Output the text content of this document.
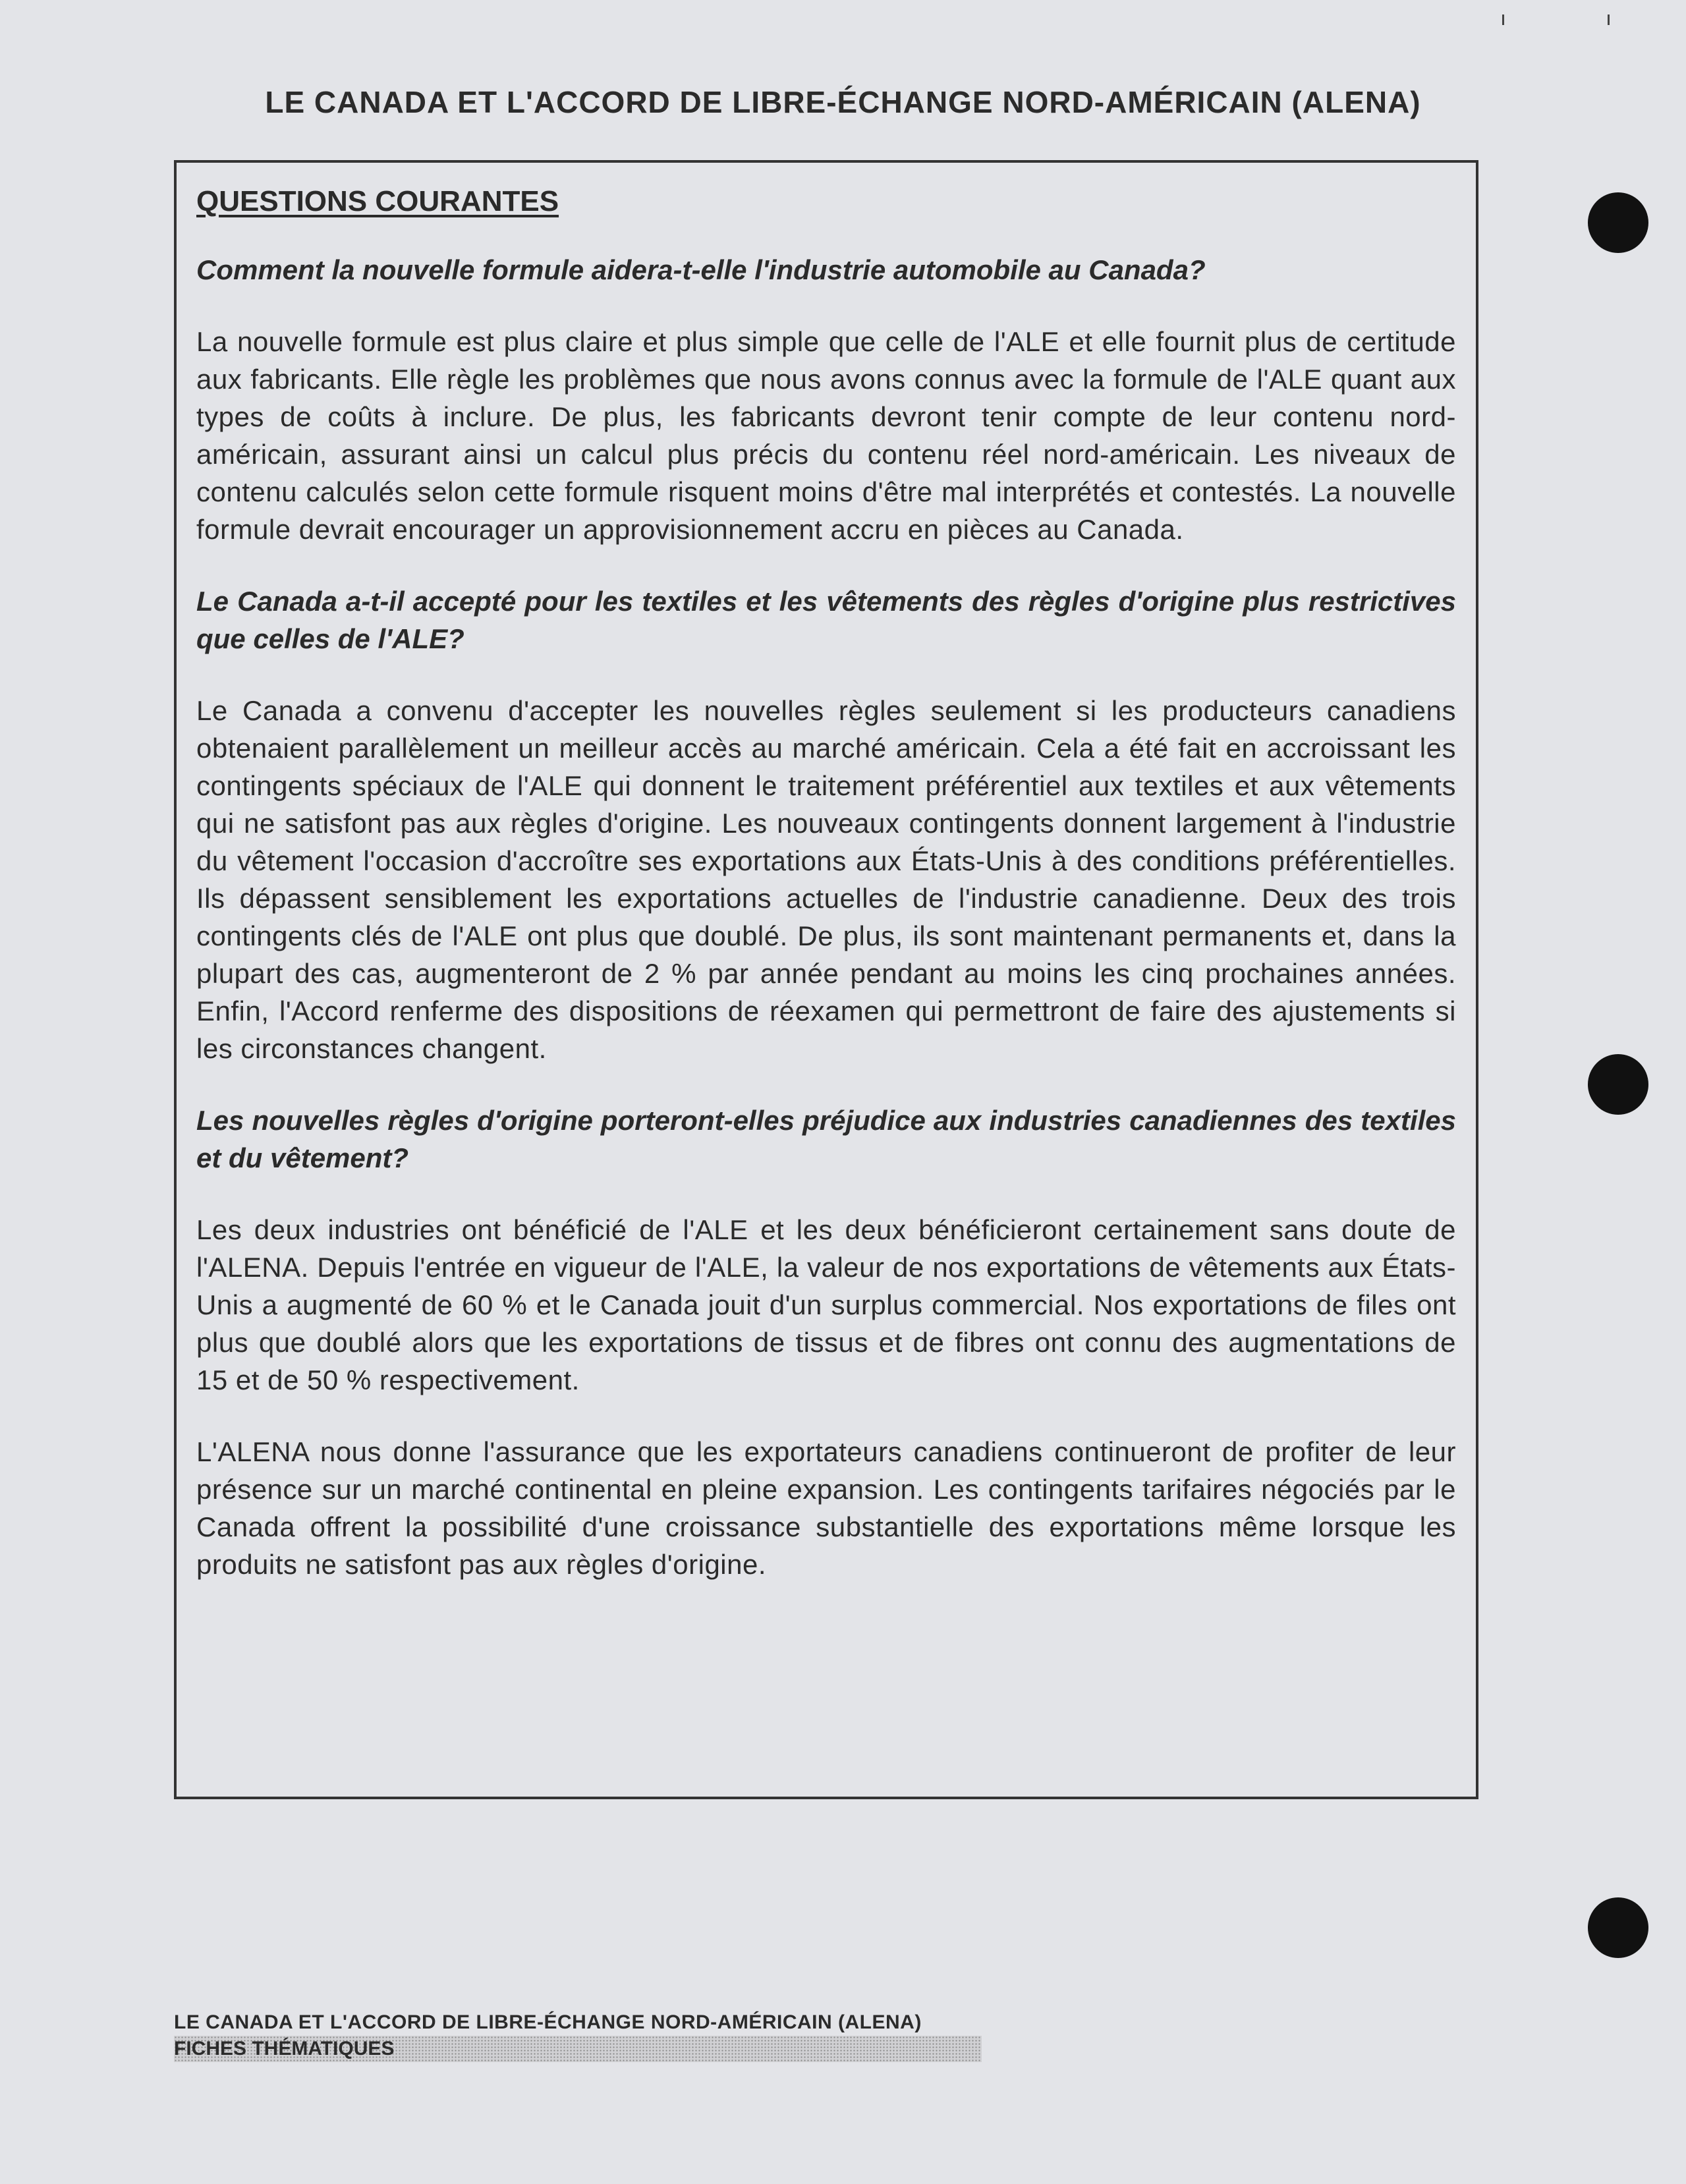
LE CANADA ET L'ACCORD DE LIBRE-ÉCHANGE NORD-AMÉRICAIN (ALENA)
QUESTIONS COURANTES

Comment la nouvelle formule aidera-t-elle l'industrie automobile au Canada?

La nouvelle formule est plus claire et plus simple que celle de l'ALE et elle fournit plus de certitude aux fabricants. Elle règle les problèmes que nous avons connus avec la formule de l'ALE quant aux types de coûts à inclure. De plus, les fabricants devront tenir compte de leur contenu nord-américain, assurant ainsi un calcul plus précis du contenu réel nord-américain. Les niveaux de contenu calculés selon cette formule risquent moins d'être mal interprétés et contestés. La nouvelle formule devrait encourager un approvisionnement accru en pièces au Canada.

Le Canada a-t-il accepté pour les textiles et les vêtements des règles d'origine plus restrictives que celles de l'ALE?

Le Canada a convenu d'accepter les nouvelles règles seulement si les producteurs canadiens obtenaient parallèlement un meilleur accès au marché américain. Cela a été fait en accroissant les contingents spéciaux de l'ALE qui donnent le traitement préférentiel aux textiles et aux vêtements qui ne satisfont pas aux règles d'origine. Les nouveaux contingents donnent largement à l'industrie du vêtement l'occasion d'accroître ses exportations aux États-Unis à des conditions préférentielles. Ils dépassent sensiblement les exportations actuelles de l'industrie canadienne. Deux des trois contingents clés de l'ALE ont plus que doublé. De plus, ils sont maintenant permanents et, dans la plupart des cas, augmenteront de 2 % par année pendant au moins les cinq prochaines années. Enfin, l'Accord renferme des dispositions de réexamen qui permettront de faire des ajustements si les circonstances changent.

Les nouvelles règles d'origine porteront-elles préjudice aux industries canadiennes des textiles et du vêtement?

Les deux industries ont bénéficié de l'ALE et les deux bénéficieront certainement sans doute de l'ALENA. Depuis l'entrée en vigueur de l'ALE, la valeur de nos exportations de vêtements aux États-Unis a augmenté de 60 % et le Canada jouit d'un surplus commercial. Nos exportations de files ont plus que doublé alors que les exportations de tissus et de fibres ont connu des augmentations de 15 et de 50 % respectivement.

L'ALENA nous donne l'assurance que les exportateurs canadiens continueront de profiter de leur présence sur un marché continental en pleine expansion. Les contingents tarifaires négociés par le Canada offrent la possibilité d'une croissance substantielle des exportations même lorsque les produits ne satisfont pas aux règles d'origine.

LE CANADA ET L'ACCORD DE LIBRE-ÉCHANGE NORD-AMÉRICAIN (ALENA)
FICHES THÉMATIQUES
